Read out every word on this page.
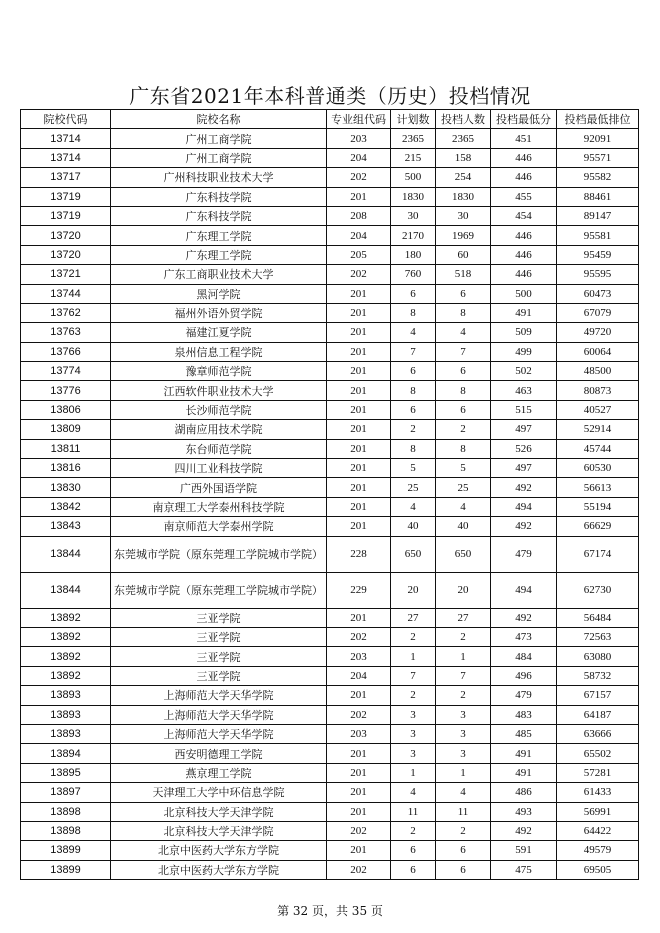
广东省2021年本科普通类（历史）投档情况
院校代码	院校名称	专业组代码	计划数	投档人数	投档最低分	投档最低排位
13714	广州工商学院	203	2365	2365	451	92091
13714	广州工商学院	204	215	158	446	95571
13717	广州科技职业技术大学	202	500	254	446	95582
13719	广东科技学院	201	1830	1830	455	88461
13719	广东科技学院	208	30	30	454	89147
13720	广东理工学院	204	2170	1969	446	95581
13720	广东理工学院	205	180	60	446	95459
13721	广东工商职业技术大学	202	760	518	446	95595
13744	黑河学院	201	6	6	500	60473
13762	福州外语外贸学院	201	8	8	491	67079
13763	福建江夏学院	201	4	4	509	49720
13766	泉州信息工程学院	201	7	7	499	60064
13774	豫章师范学院	201	6	6	502	48500
13776	江西软件职业技术大学	201	8	8	463	80873
13806	长沙师范学院	201	6	6	515	40527
13809	湖南应用技术学院	201	2	2	497	52914
13811	东台师范学院	201	8	8	526	45744
13816	四川工业科技学院	201	5	5	497	60530
13830	广西外国语学院	201	25	25	492	56613
13842	南京理工大学泰州科技学院	201	4	4	494	55194
13843	南京师范大学泰州学院	201	40	40	492	66629
13844	东莞城市学院（原东莞理工学院城市学院）	228	650	650	479	67174
13844	东莞城市学院（原东莞理工学院城市学院）	229	20	20	494	62730
13892	三亚学院	201	27	27	492	56484
13892	三亚学院	202	2	2	473	72563
13892	三亚学院	203	1	1	484	63080
13892	三亚学院	204	7	7	496	58732
13893	上海师范大学天华学院	201	2	2	479	67157
13893	上海师范大学天华学院	202	3	3	483	64187
13893	上海师范大学天华学院	203	3	3	485	63666
13894	西安明德理工学院	201	3	3	491	65502
13895	燕京理工学院	201	1	1	491	57281
13897	天津理工大学中环信息学院	201	4	4	486	61433
13898	北京科技大学天津学院	201	11	11	493	56991
13898	北京科技大学天津学院	202	2	2	492	64422
13899	北京中医药大学东方学院	201	6	6	591	49579
13899	北京中医药大学东方学院	202	6	6	475	69505
第 32 页，共 35 页
